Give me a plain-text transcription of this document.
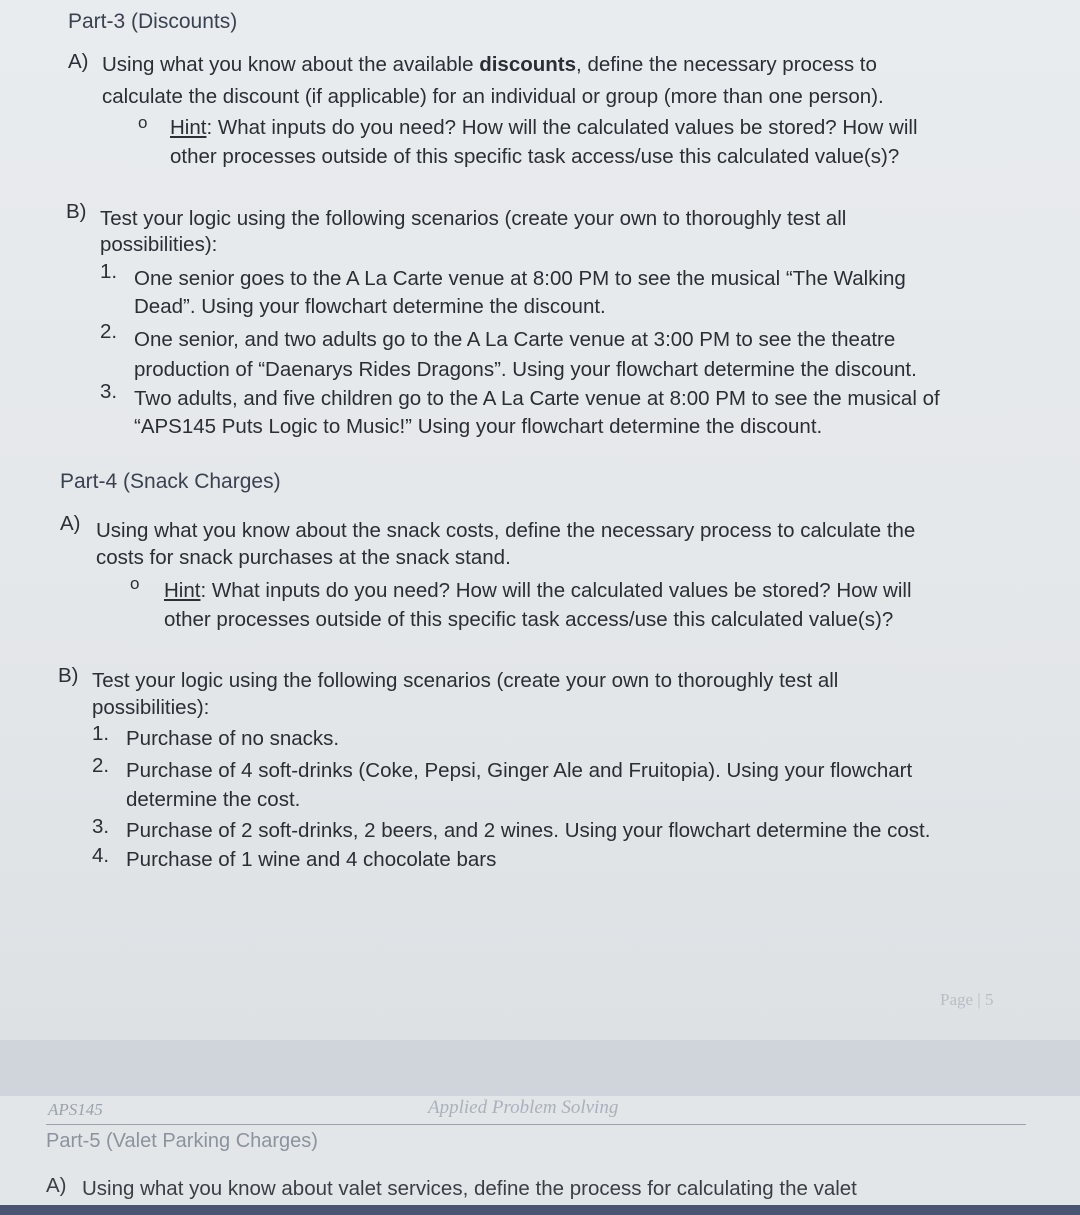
Part-3 (Discounts)
A) Using what you know about the available discounts, define the necessary process to
calculate the discount (if applicable) for an individual or group (more than one person).
o Hint: What inputs do you need? How will the calculated values be stored? How will
other processes outside of this specific task access/use this calculated value(s)?
B) Test your logic using the following scenarios (create your own to thoroughly test all
possibilities):
1. One senior goes to the A La Carte venue at 8:00 PM to see the musical “The Walking
Dead”. Using your flowchart determine the discount.
2. One senior, and two adults go to the A La Carte venue at 3:00 PM to see the theatre
production of “Daenarys Rides Dragons”. Using your flowchart determine the discount.
3. Two adults, and five children go to the A La Carte venue at 8:00 PM to see the musical of
“APS145 Puts Logic to Music!” Using your flowchart determine the discount.
Part-4 (Snack Charges)
A) Using what you know about the snack costs, define the necessary process to calculate the
costs for snack purchases at the snack stand.
o Hint: What inputs do you need? How will the calculated values be stored? How will
other processes outside of this specific task access/use this calculated value(s)?
B) Test your logic using the following scenarios (create your own to thoroughly test all
possibilities):
1. Purchase of no snacks.
2. Purchase of 4 soft-drinks (Coke, Pepsi, Ginger Ale and Fruitopia). Using your flowchart
determine the cost.
3. Purchase of 2 soft-drinks, 2 beers, and 2 wines. Using your flowchart determine the cost.
4. Purchase of 1 wine and 4 chocolate bars
Page | 5
APS145	Applied Problem Solving
Part-5 (Valet Parking Charges)
A) Using what you know about valet services, define the process for calculating the valet
